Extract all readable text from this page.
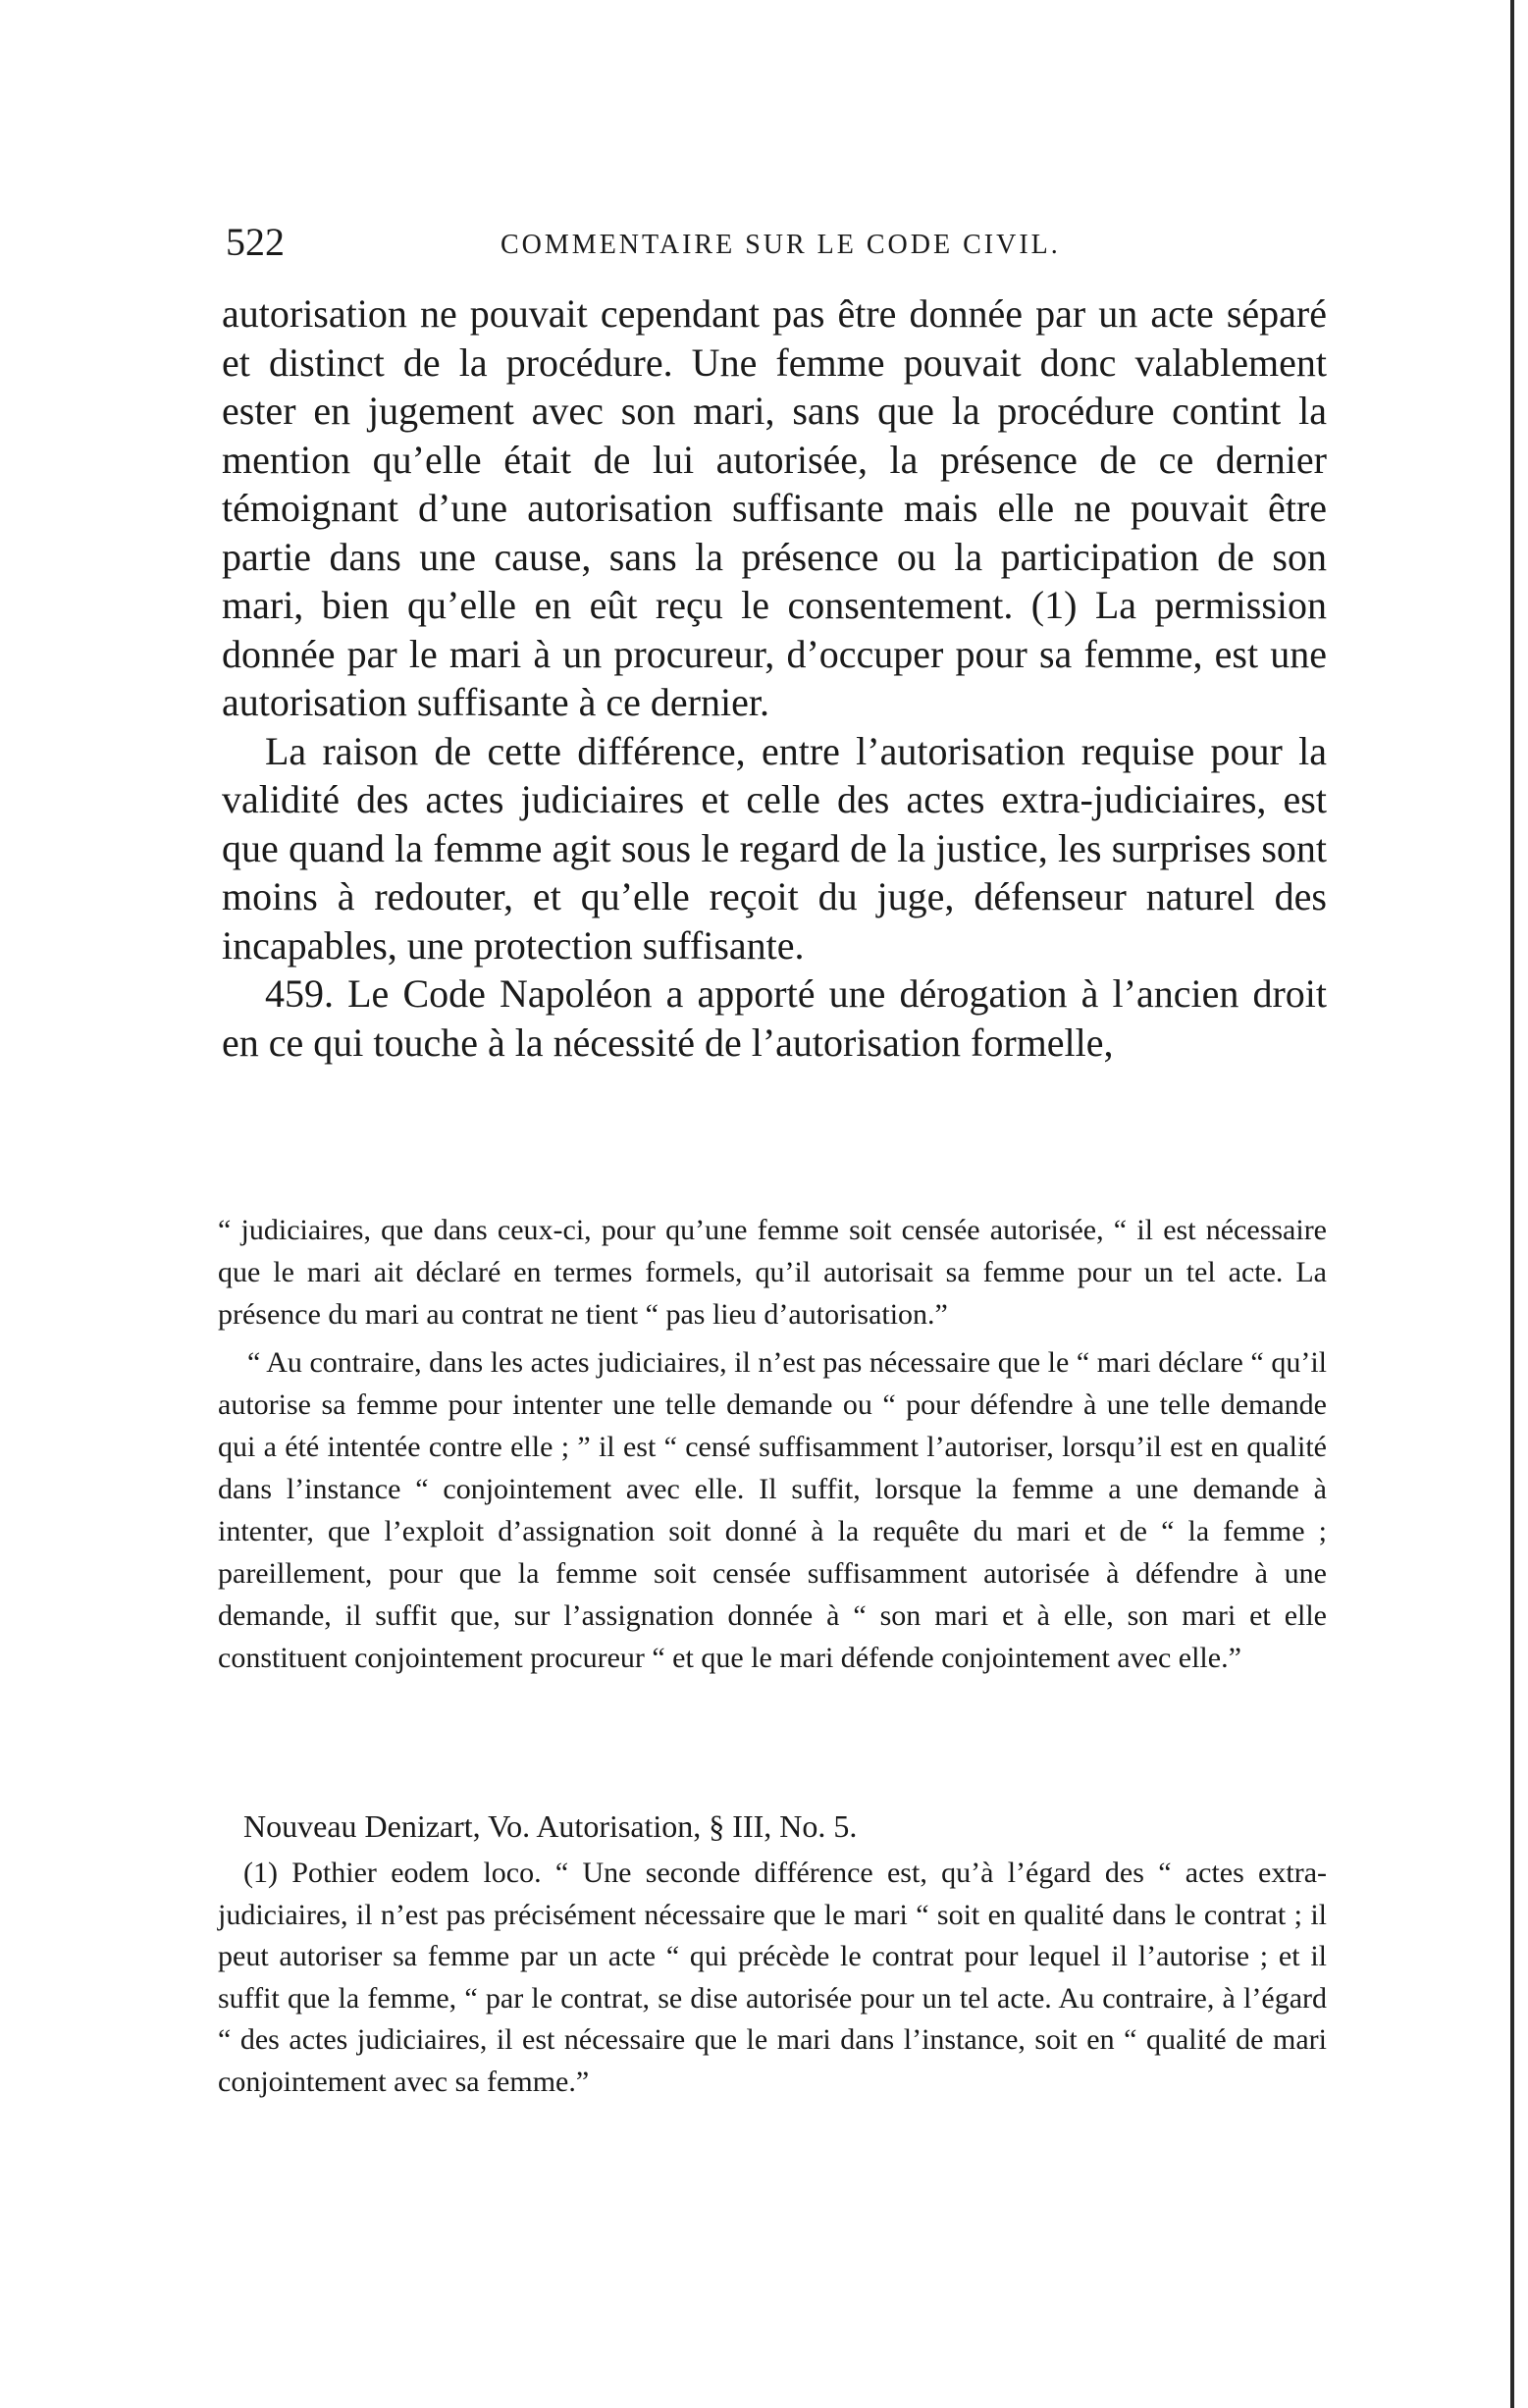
522	COMMENTAIRE SUR LE CODE CIVIL.

autorisation ne pouvait cependant pas être donnée par un acte séparé et distinct de la procédure. Une femme pouvait donc valablement ester en jugement avec son mari, sans que la procédure contint la mention qu’elle était de lui autorisée, la présence de ce dernier témoignant d’une autorisation suffisante mais elle ne pouvait être partie dans une cause, sans la présence ou la participation de son mari, bien qu’elle en eût reçu le consentement. (1) La permission donnée par le mari à un procureur, d’occuper pour sa femme, est une autorisation suffisante à ce dernier.

La raison de cette différence, entre l’autorisation requise pour la validité des actes judiciaires et celle des actes extra-judiciaires, est que quand la femme agit sous le regard de la justice, les surprises sont moins à redouter, et qu’elle reçoit du juge, défenseur naturel des incapables, une protection suffisante.

459. Le Code Napoléon a apporté une dérogation à l’ancien droit en ce qui touche à la nécessité de l’autorisation formelle,

“ judiciaires, que dans ceux-ci, pour qu’une femme soit censée autorisée, “ il est nécessaire que le mari ait déclaré en termes formels, qu’il autorisait sa femme pour un tel acte. La présence du mari au contrat ne tient “ pas lieu d’autorisation.”

“ Au contraire, dans les actes judiciaires, il n’est pas nécessaire que le “ mari déclare “ qu’il autorise sa femme pour intenter une telle demande ou “ pour défendre à une telle demande qui a été intentée contre elle ; ” il est “ censé suffisamment l’autoriser, lorsqu’il est en qualité dans l’instance “ conjointement avec elle. Il suffit, lorsque la femme a une demande à intenter, que l’exploit d’assignation soit donné à la requête du mari et de “ la femme ; pareillement, pour que la femme soit censée suffisamment autorisée à défendre à une demande, il suffit que, sur l’assignation donnée à “ son mari et à elle, son mari et elle constituent conjointement procureur “ et que le mari défende conjointement avec elle.”

Nouveau Denizart, Vo. Autorisation, § III, No. 5.

(1) Pothier eodem loco. “ Une seconde différence est, qu’à l’égard des “ actes extra-judiciaires, il n’est pas précisément nécessaire que le mari “ soit en qualité dans le contrat ; il peut autoriser sa femme par un acte “ qui précède le contrat pour lequel il l’autorise ; et il suffit que la femme, “ par le contrat, se dise autorisée pour un tel acte. Au contraire, à l’égard “ des actes judiciaires, il est nécessaire que le mari dans l’instance, soit en “ qualité de mari conjointement avec sa femme.”
